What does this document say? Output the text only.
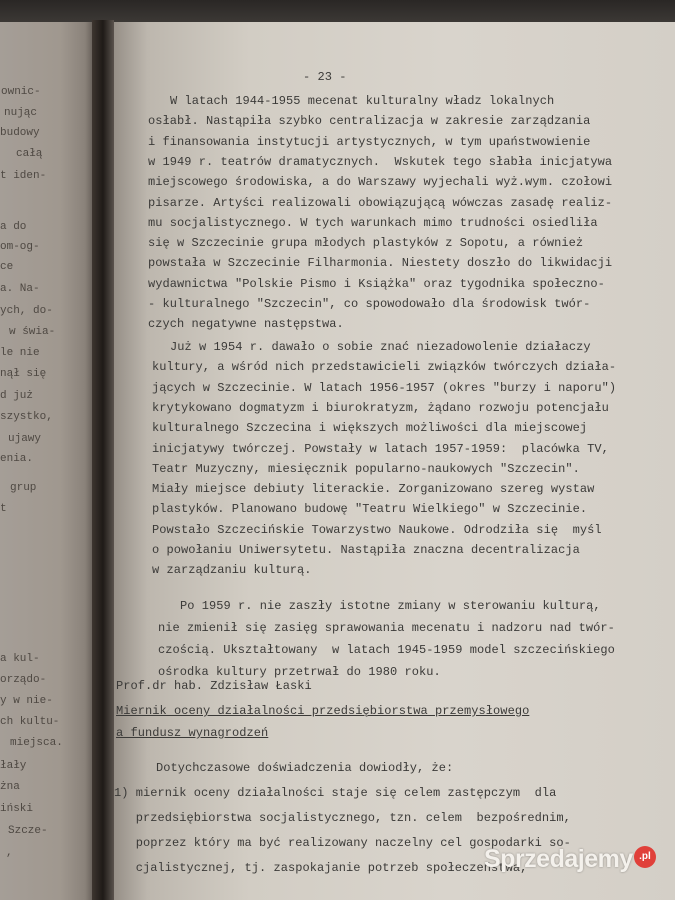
ownic-
nując
budowy
całą
t iden-
a do
om-og-
ce
a. Na-
ych, do-
w świa-
le nie
nął się
d już
szystko,
ujawy
enia.
grup
t
a kul-
orządo-
y w nie-
ch kultu-
miejsca.
łały
żna
iński
Szcze-
,
- 23 -
W latach 1944-1955 mecenat kulturalny władz lokalnych
osłabł. Nastąpiła szybko centralizacja w zakresie zarządzania
i finansowania instytucji artystycznych, w tym upaństwowienie
w 1949 r. teatrów dramatycznych.  Wskutek tego słabła inicjatywa
miejscowego środowiska, a do Warszawy wyjechali wyż.wym. czołowi
pisarze. Artyści realizowali obowiązującą wówczas zasadę realiz-
mu socjalistycznego. W tych warunkach mimo trudności osiedliła
się w Szczecinie grupa młodych plastyków z Sopotu, a również
powstała w Szczecinie Filharmonia. Niestety doszło do likwidacji
wydawnictwa "Polskie Pismo i Książka" oraz tygodnika społeczno-
- kulturalnego "Szczecin", co spowodowało dla środowisk twór-
czych negatywne następstwa.
Już w 1954 r. dawało o sobie znać niezadowolenie działaczy
kultury, a wśród nich przedstawicieli związków twórczych działa-
jących w Szczecinie. W latach 1956-1957 (okres "burzy i naporu")
krytykowano dogmatyzm i biurokratyzm, żądano rozwoju potencjału
kulturalnego Szczecina i większych możliwości dla miejscowej
inicjatywy twórczej. Powstały w latach 1957-1959:  placówka TV,
Teatr Muzyczny, miesięcznik popularno-naukowych "Szczecin".
Miały miejsce debiuty literackie. Zorganizowano szereg wystaw
plastyków. Planowano budowę "Teatru Wielkiego" w Szczecinie.
Powstało Szczecińskie Towarzystwo Naukowe. Odrodziła się  myśl
o powołaniu Uniwersytetu. Nastąpiła znaczna decentralizacja
w zarządzaniu kulturą.
Po 1959 r. nie zaszły istotne zmiany w sterowaniu kulturą,
nie zmienił się zasięg sprawowania mecenatu i nadzoru nad twór-
czością. Ukształtowany  w latach 1945-1959 model szczecińskiego
ośrodka kultury przetrwał do 1980 roku.
Prof.dr hab. Zdzisław Łaski
Miernik oceny działalności przedsiębiorstwa przemysłowego
a fundusz wynagrodzeń
Dotychczasowe doświadczenia dowiodły, że:
1) miernik oceny działalności staje się celem zastępczym  dla
przedsiębiorstwa socjalistycznego, tzn. celem  bezpośrednim,
poprzez który ma być realizowany naczelny cel gospodarki so-
cjalistycznej, tj. zaspokajanie potrzeb społeczeństwa,
Sprzedajemy .pl
